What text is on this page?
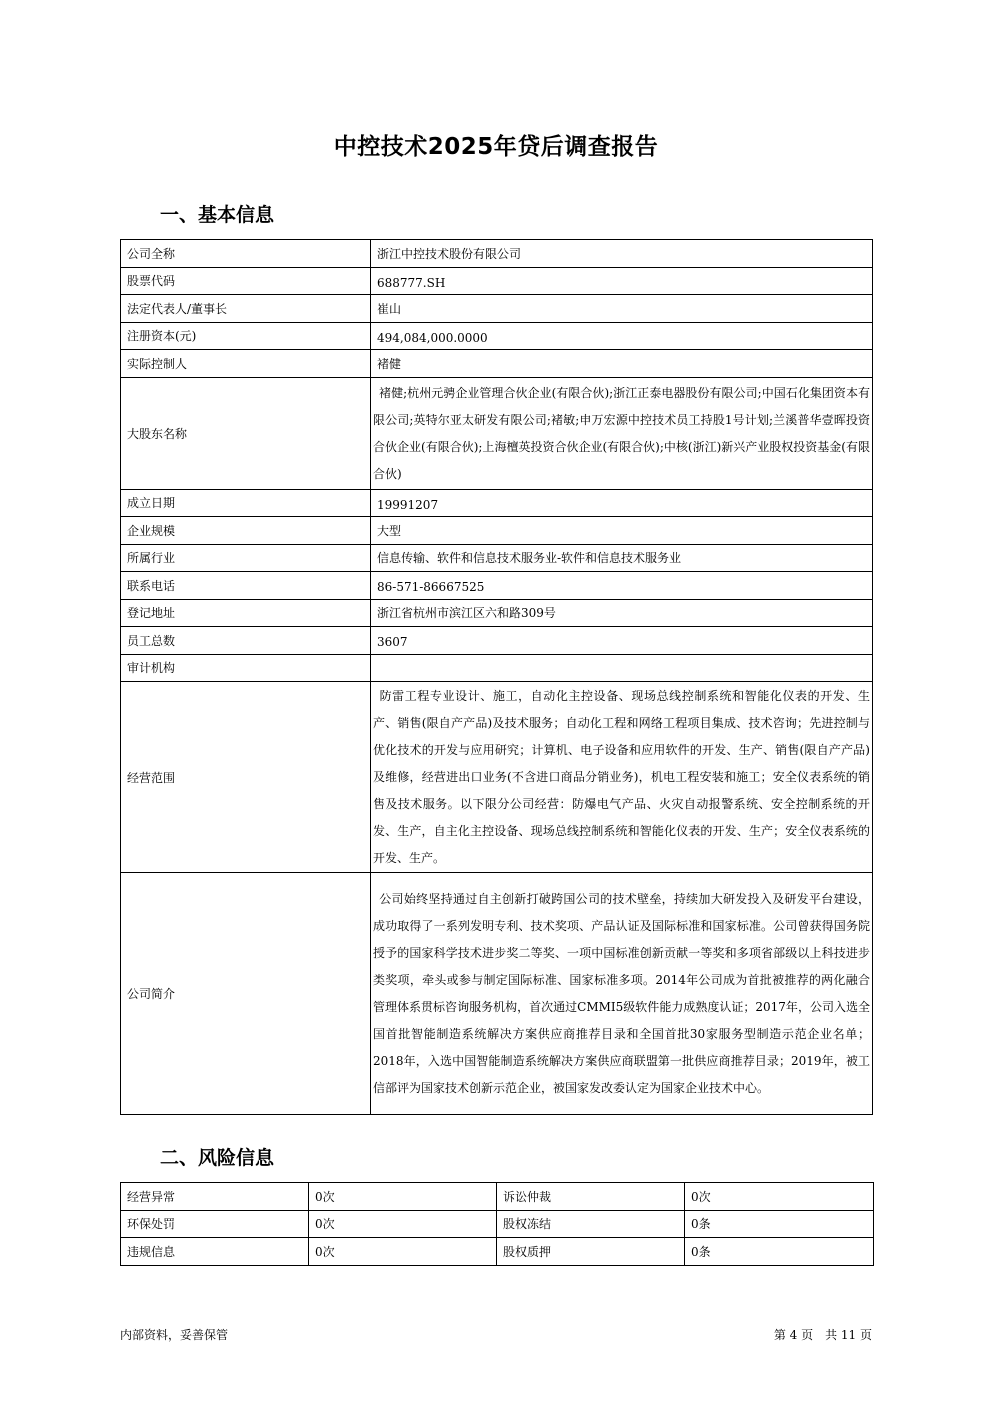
中控技术2025年贷后调查报告
一、基本信息
公司全称	浙江中控技术股份有限公司
股票代码	688777.SH
法定代表人/董事长	崔山
注册资本(元)	494,084,000.0000
实际控制人	褚健
大股东名称	褚健;杭州元骋企业管理合伙企业(有限合伙);浙江正泰电器股份有限公司;中国石化集团资本有限公司;英特尔亚太研发有限公司;褚敏;申万宏源中控技术员工持股1号计划;兰溪普华壹晖投资合伙企业(有限合伙);上海檀英投资合伙企业(有限合伙);中核(浙江)新兴产业股权投资基金(有限合伙)
成立日期	19991207
企业规模	大型
所属行业	信息传输、软件和信息技术服务业-软件和信息技术服务业
联系电话	86-571-86667525
登记地址	浙江省杭州市滨江区六和路309号
员工总数	3607
审计机构	
经营范围	防雷工程专业设计、施工，自动化主控设备、现场总线控制系统和智能化仪表的开发、生产、销售(限自产产品)及技术服务；自动化工程和网络工程项目集成、技术咨询；先进控制与优化技术的开发与应用研究；计算机、电子设备和应用软件的开发、生产、销售(限自产产品)及维修，经营进出口业务(不含进口商品分销业务)，机电工程安装和施工；安全仪表系统的销售及技术服务。以下限分公司经营：防爆电气产品、火灾自动报警系统、安全控制系统的开发、生产，自主化主控设备、现场总线控制系统和智能化仪表的开发、生产；安全仪表系统的开发、生产。
公司简介	公司始终坚持通过自主创新打破跨国公司的技术壁垒，持续加大研发投入及研发平台建设，成功取得了一系列发明专利、技术奖项、产品认证及国际标准和国家标准。公司曾获得国务院授予的国家科学技术进步奖二等奖、一项中国标准创新贡献一等奖和多项省部级以上科技进步类奖项，牵头或参与制定国际标准、国家标准多项。2014年公司成为首批被推荐的两化融合管理体系贯标咨询服务机构，首次通过CMMI5级软件能力成熟度认证；2017年，公司入选全国首批智能制造系统解决方案供应商推荐目录和全国首批30家服务型制造示范企业名单；2018年，入选中国智能制造系统解决方案供应商联盟第一批供应商推荐目录；2019年，被工信部评为国家技术创新示范企业，被国家发改委认定为国家企业技术中心。
二、风险信息
经营异常	0次	诉讼仲裁	0次
环保处罚	0次	股权冻结	0条
违规信息	0次	股权质押	0条
内部资料，妥善保管	第 4 页　共 11 页
